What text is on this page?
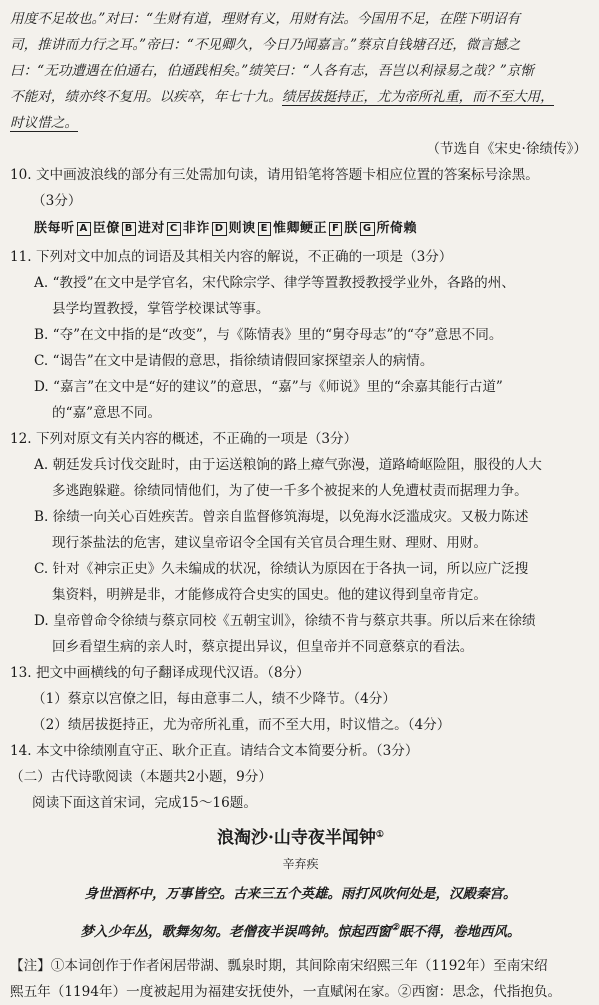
用度不足故也。”对曰：“生财有道，理财有义，用财有法。今国用不足，在陛下明诏有

司，推讲而力行之耳。”帝曰：“不见卿久，今日乃闻嘉言。”蔡京自钱塘召还，微言撼之

曰：“无功遭遇在伯通右，伯通践相矣。”绩笑曰：“人各有志，吾岂以利禄易之哉？”京惭

不能对，绩亦终不复用。以疾卒，年七十九。绩居拔挺持正，尤为帝所礼重，而不至大用，

时议惜之。

（节选自《宋史·徐绩传》）

10. 文中画波浪线的部分有三处需加句读，请用铅笔将答题卡相应位置的答案标号涂黑。

（3分）

朕每听 A 臣僚 B 进对 C 非诈 D 则谀 E 惟卿鲠正 F 朕 G 所倚赖

11. 下列对文中加点的词语及其相关内容的解说，不正确的一项是（3分）

A. “教授”在文中是学官名，宋代除宗学、律学等置教授教授学业外，各路的州、

县学均置教授，掌管学校课试等事。

B. “夺”在文中指的是“改变”，与《陈情表》里的“舅夺母志”的“夺”意思不同。

C. “谒告”在文中是请假的意思，指徐绩请假回家探望亲人的病情。

D. “嘉言”在文中是“好的建议”的意思，“嘉”与《师说》里的“余嘉其能行古道”

的“嘉”意思不同。

12. 下列对原文有关内容的概述，不正确的一项是（3分）

A. 朝廷发兵讨伐交趾时，由于运送粮饷的路上瘴气弥漫，道路崎岖险阻，服役的人大

多逃跑躲避。徐绩同情他们，为了使一千多个被捉来的人免遭杖责而据理力争。

B. 徐绩一向关心百姓疾苦。曾亲自监督修筑海堤，以免海水泛滥成灾。又极力陈述

现行茶盐法的危害，建议皇帝诏令全国有关官员合理生财、理财、用财。

C. 针对《神宗正史》久未编成的状况，徐绩认为原因在于各执一词，所以应广泛搜

集资料，明辨是非，才能修成符合史实的国史。他的建议得到皇帝肯定。

D. 皇帝曾命令徐绩与蔡京同校《五朝宝训》，徐绩不肯与蔡京共事。所以后来在徐绩

回乡看望生病的亲人时，蔡京提出异议，但皇帝并不同意蔡京的看法。

13. 把文中画横线的句子翻译成现代汉语。（8分）

（1）蔡京以宫僚之旧，每由意事二人，绩不少降节。（4分）

（2）绩居拔挺持正，尤为帝所礼重，而不至大用，时议惜之。（4分）

14. 本文中徐绩刚直守正、耿介正直。请结合文本简要分析。（3分）

（二）古代诗歌阅读（本题共2小题，9分）

阅读下面这首宋词，完成15～16题。

浪淘沙·山寺夜半闻钟①

辛弃疾

身世酒杯中，万事皆空。古来三五个英雄。雨打风吹何处是，汉殿秦宫。

梦入少年丛，歌舞匆匆。老僧夜半误鸣钟。惊起西窗②眠不得，卷地西风。

【注】①本词创作于作者闲居带湖、瓢泉时期，其间除南宋绍熙三年（1192年）至南宋绍

熙五年（1194年）一度被起用为福建安抚使外，一直赋闲在家。②西窗：思念，代指抱负。
